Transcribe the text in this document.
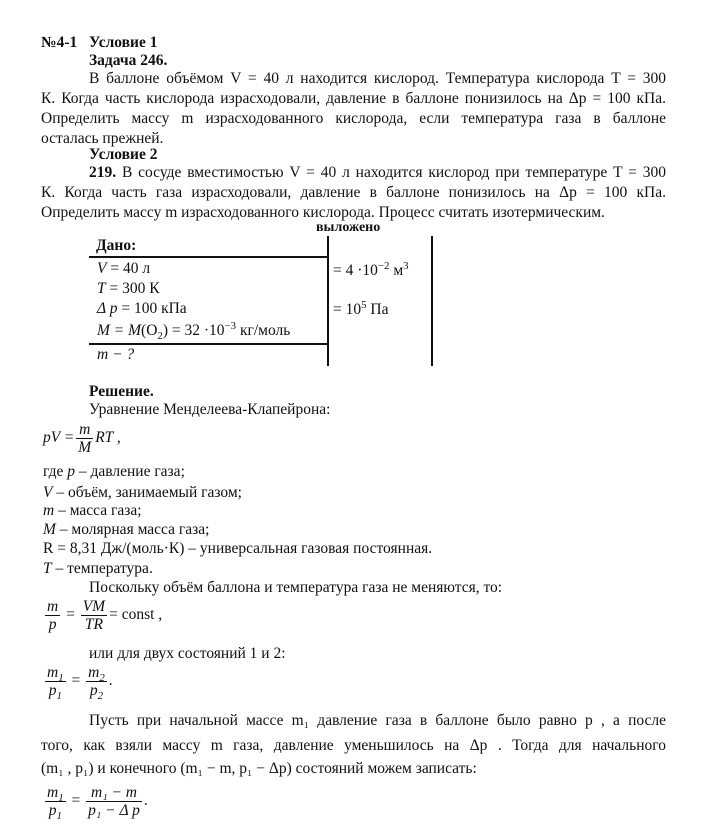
№4-1 Условие 1
Задача 246.
В баллоне объёмом V = 40 л находится кислород. Температура кислорода T = 300
К. Когда часть кислорода израсходовали, давление в баллоне понизилось на Δp = 100 кПа.
Определить массу m израсходованного кислорода, если температура газа в баллоне
осталась прежней.
Условие 2
219. В сосуде вместимостью V = 40 л находится кислород при температуре T = 300
К. Когда часть газа израсходовали, давление в баллоне понизилось на Δp = 100 кПа.
Определить массу m израсходованного кислорода. Процесс считать изотермическим.
выложено
Дано:
V = 40 л
T = 300 К
Δ p = 100 кПа
$M = M(O_2) = 32 \cdot 10^{-3}$ кг/моль
m − ?
= $4 \cdot 10^{-2}$ $м^3$
= $10^5$ Па
Решение.
Уравнение Менделеева-Клапейрона:
pV = $\frac{m}{M}$ RT ,
где p – давление газа;
V – объём, занимаемый газом;
m – масса газа;
M – молярная масса газа;
R = 8,31 Дж/(моль·К) – универсальная газовая постоянная.
T – температура.
Поскольку объём баллона и температура газа не меняются, то:
$\frac{m}{p} = \frac{VM}{TR}$ = const ,
или для двух состояний 1 и 2:
$\frac{m_1}{p_1} = \frac{m_2}{p_2}$ .
Пусть при начальной массе m₁ давление газа в баллоне было равно p , а после
того, как взяли массу m газа, давление уменьшилось на Δp . Тогда для начального
(m₁ , p₁) и конечного (m₁ − m, p₁ − Δp) состояний можем записать:
$\frac{m_1}{p_1} = \frac{\text{m₁ − m}}{\text{p₁ − Δ p}}$ .
